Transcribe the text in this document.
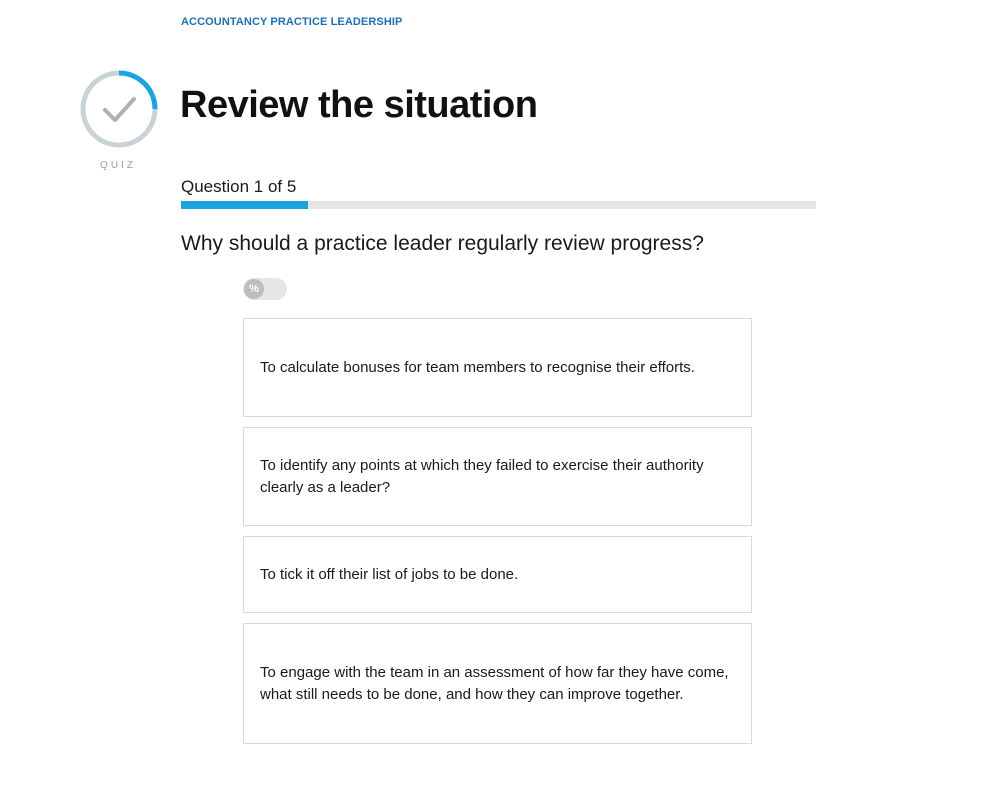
ACCOUNTANCY PRACTICE LEADERSHIP
QUIZ
Review the situation
Question 1 of 5
Why should a practice leader regularly review progress?
%
To calculate bonuses for team members to recognise their efforts.
To identify any points at which they failed to exercise their authority clearly as a leader?
To tick it off their list of jobs to be done.
To engage with the team in an assessment of how far they have come, what still needs to be done, and how they can improve together.
